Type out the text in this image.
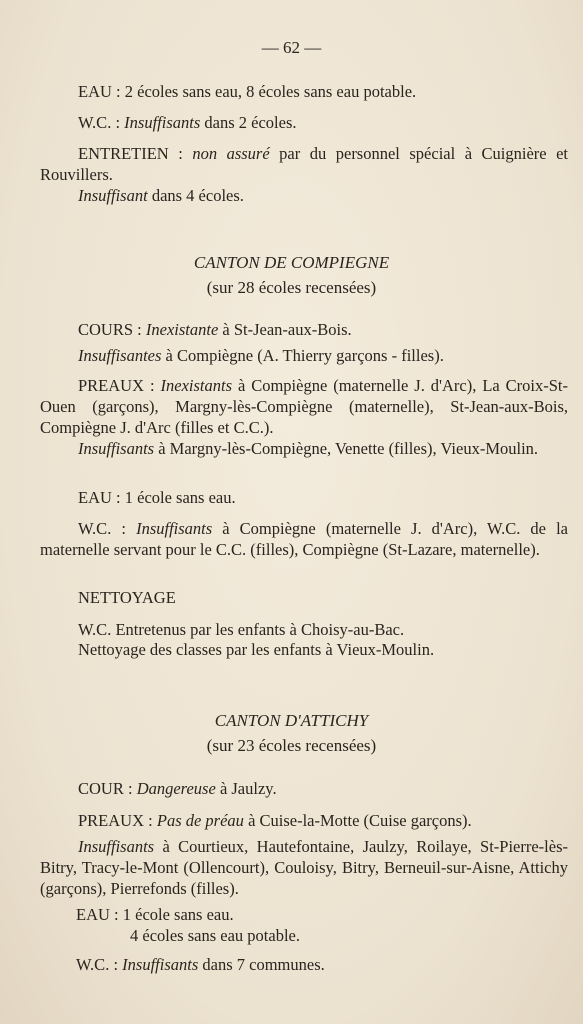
— 62 —
EAU : 2 écoles sans eau, 8 écoles sans eau potable.
W.C. : Insuffisants dans 2 écoles.
ENTRETIEN : non assuré par du personnel spécial à Cuignière et Rouvillers.
Insuffisant dans 4 écoles.
CANTON DE COMPIEGNE
(sur 28 écoles recensées)
COURS : Inexistante à St-Jean-aux-Bois.
Insuffisantes à Compiègne (A. Thierry garçons - filles).
PREAUX : Inexistants à Compiègne (maternelle J. d'Arc), La Croix-St-Ouen (garçons), Margny-lès-Compiègne (maternelle), St-Jean-aux-Bois, Compiègne J. d'Arc (filles et C.C.).
Insuffisants à Margny-lès-Compiègne, Venette (filles), Vieux-Moulin.
EAU : 1 école sans eau.
W.C. : Insuffisants à Compiègne (maternelle J. d'Arc), W.C. de la maternelle servant pour le C.C. (filles), Compiègne (St-Lazare, maternelle).
NETTOYAGE
W.C. Entretenus par les enfants à Choisy-au-Bac.
Nettoyage des classes par les enfants à Vieux-Moulin.
CANTON D'ATTICHY
(sur 23 écoles recensées)
COUR : Dangereuse à Jaulzy.
PREAUX : Pas de préau à Cuise-la-Motte (Cuise garçons).
Insuffisants à Courtieux, Hautefontaine, Jaulzy, Roilaye, St-Pierre-lès-Bitry, Tracy-le-Mont (Ollencourt), Couloisy, Bitry, Berneuil-sur-Aisne, Attichy (garçons), Pierrefonds (filles).
EAU : 1 école sans eau.
4 écoles sans eau potable.
W.C. : Insuffisants dans 7 communes.
